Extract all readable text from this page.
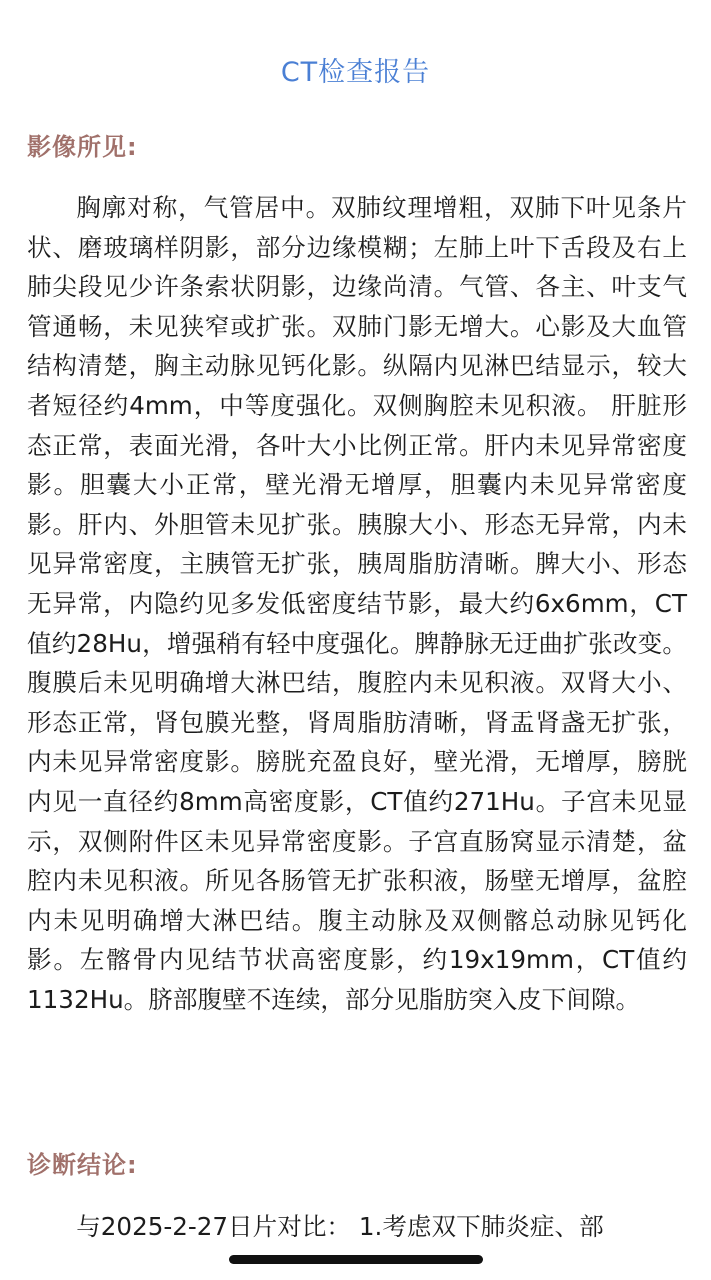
CT检查报告
影像所见:

胸廓对称，气管居中。双肺纹理增粗，双肺下叶见条片状、磨玻璃样阴影，部分边缘模糊；左肺上叶下舌段及右上肺尖段见少许条索状阴影，边缘尚清。气管、各主、叶支气管通畅，未见狭窄或扩张。双肺门影无增大。心影及大血管结构清楚，胸主动脉见钙化影。纵隔内见淋巴结显示，较大者短径约4mm，中等度强化。双侧胸腔未见积液。 肝脏形态正常，表面光滑，各叶大小比例正常。肝内未见异常密度影。胆囊大小正常，壁光滑无增厚，胆囊内未见异常密度影。肝内、外胆管未见扩张。胰腺大小、形态无异常，内未见异常密度，主胰管无扩张，胰周脂肪清晰。脾大小、形态无异常，内隐约见多发低密度结节影，最大约6x6mm，CT值约28Hu，增强稍有轻中度强化。脾静脉无迂曲扩张改变。腹膜后未见明确增大淋巴结，腹腔内未见积液。双肾大小、形态正常，肾包膜光整，肾周脂肪清晰，肾盂肾盏无扩张，内未见异常密度影。膀胱充盈良好，壁光滑，无增厚，膀胱内见一直径约8mm高密度影，CT值约271Hu。子宫未见显示，双侧附件区未见异常密度影。子宫直肠窝显示清楚，盆腔内未见积液。所见各肠管无扩张积液，肠壁无增厚，盆腔内未见明确增大淋巴结。腹主动脉及双侧髂总动脉见钙化影。左髂骨内见结节状高密度影，约19x19mm，CT值约1132Hu。脐部腹壁不连续，部分见脂肪突入皮下间隙。

诊断结论:

与2025-2-27日片对比： 1.考虑双下肺炎症、部
